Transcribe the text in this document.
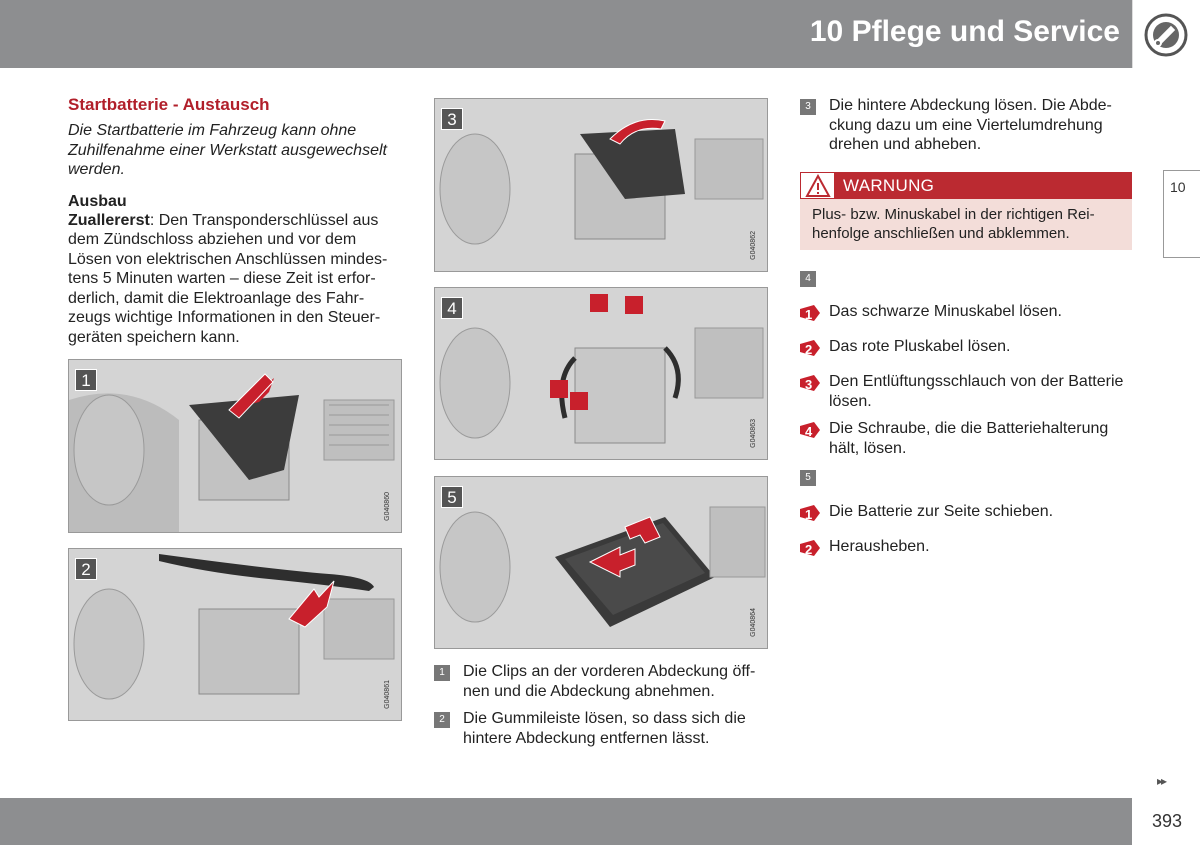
10 Pflege und Service
10
Startbatterie - Austausch
Die Startbatterie im Fahrzeug kann ohne Zuhilfenahme einer Werkstatt ausgewechselt werden.
Ausbau
Zuallererst: Den Transponderschlüssel aus
dem Zündschloss abziehen und vor dem
Lösen von elektrischen Anschlüssen mindes-
tens 5 Minuten warten – diese Zeit ist erfor-
derlich, damit die Elektroanlage des Fahr-
zeugs wichtige Informationen in den Steuer-
geräten speichern kann.
1
G040860
2
G040861
3
G040862
4
G040863
5
G040864
1	Die Clips an der vorderen Abdeckung öff-
nen und die Abdeckung abnehmen.
2	Die Gummileiste lösen, so dass sich die
hintere Abdeckung entfernen lässt.
3	Die hintere Abdeckung lösen. Die Abde-
ckung dazu um eine Viertelumdrehung
drehen und abheben.
WARNUNG
Plus- bzw. Minuskabel in der richtigen Rei-
henfolge anschließen und abklemmen.
4
1 Das schwarze Minuskabel lösen.
2 Das rote Pluskabel lösen.
3 Den Entlüftungsschlauch von der Batterie
lösen.
4 Die Schraube, die die Batteriehalterung
hält, lösen.
5
1 Die Batterie zur Seite schieben.
2 Herausheben.
▸▸
393
